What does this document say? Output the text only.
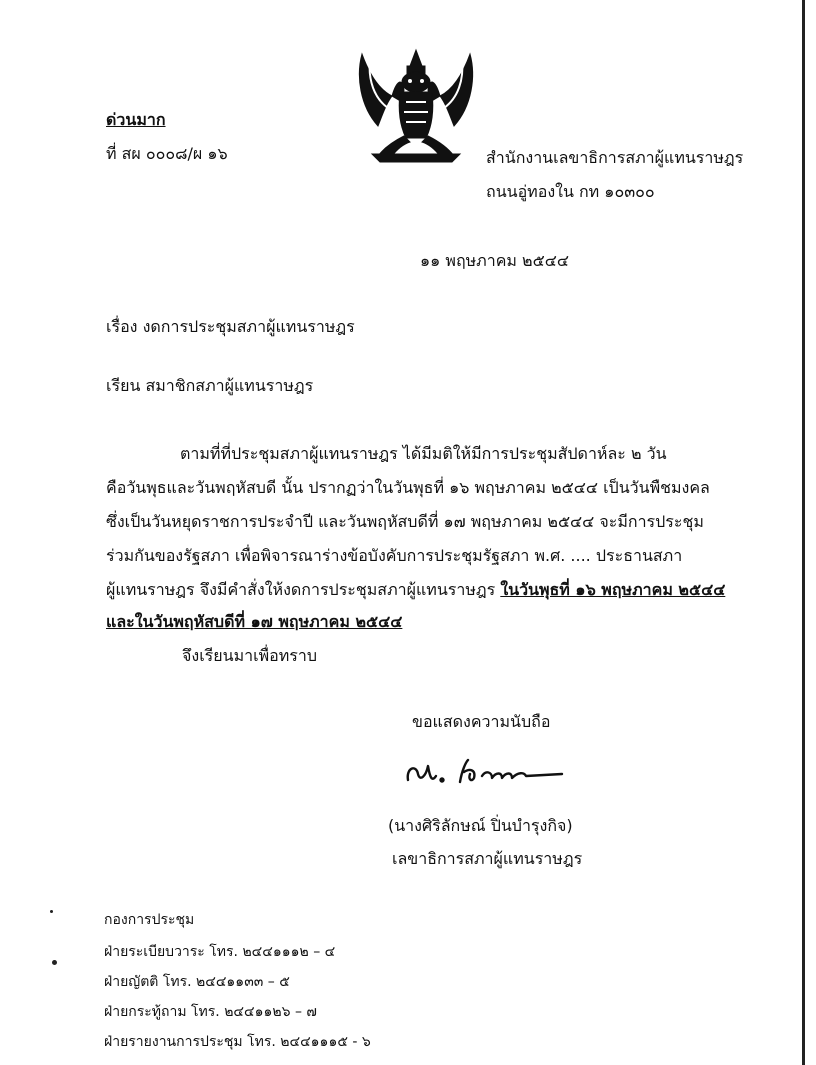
ด่วนมาก
ที่ สผ ๐๐๐๘/ผ ๑๖	สำนักงานเลขาธิการสภาผู้แทนราษฎร
ถนนอู่ทองใน กท ๑๐๓๐๐
๑๑ พฤษภาคม ๒๕๔๔
เรื่อง งดการประชุมสภาผู้แทนราษฎร
เรียน สมาชิกสภาผู้แทนราษฎร
ตามที่ที่ประชุมสภาผู้แทนราษฎร ได้มีมติให้มีการประชุมสัปดาห์ละ ๒ วัน
คือวันพุธและวันพฤหัสบดี นั้น ปรากฏว่าในวันพุธที่ ๑๖ พฤษภาคม ๒๕๔๔ เป็นวันพืชมงคล
ซึ่งเป็นวันหยุดราชการประจำปี และวันพฤหัสบดีที่ ๑๗ พฤษภาคม ๒๕๔๔ จะมีการประชุม
ร่วมกันของรัฐสภา เพื่อพิจารณาร่างข้อบังคับการประชุมรัฐสภา พ.ศ. .... ประธานสภา
ผู้แทนราษฎร จึงมีคำสั่งให้งดการประชุมสภาผู้แทนราษฎร ในวันพุธที่ ๑๖ พฤษภาคม ๒๕๔๔
และในวันพฤหัสบดีที่ ๑๗ พฤษภาคม ๒๕๔๔
จึงเรียนมาเพื่อทราบ
ขอแสดงความนับถือ
(นางศิริลักษณ์ ปิ่นบำรุงกิจ)
เลขาธิการสภาผู้แทนราษฎร
กองการประชุม
ฝ่ายระเบียบวาระ โทร. ๒๔๔๑๑๑๒ – ๔
ฝ่ายญัตติ โทร. ๒๔๔๑๑๓๓ – ๕
ฝ่ายกระทู้ถาม โทร. ๒๔๔๑๑๒๖ – ๗
ฝ่ายรายงานการประชุม โทร. ๒๔๔๑๑๑๕ - ๖
